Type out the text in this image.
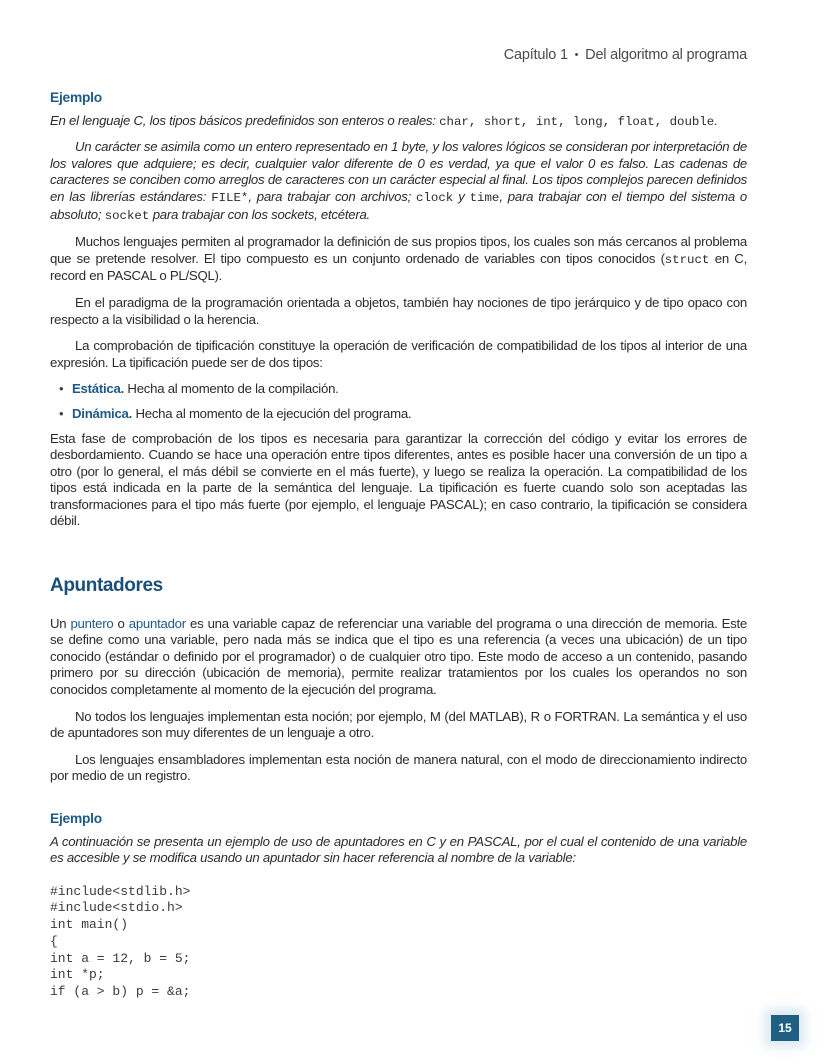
Capítulo 1 • Del algoritmo al programa
Ejemplo

En el lenguaje C, los tipos básicos predefinidos son enteros o reales: char, short, int, long, float, double.

Un carácter se asimila como un entero representado en 1 byte, y los valores lógicos se consideran por interpretación de los valores que adquiere; es decir, cualquier valor diferente de 0 es verdad, ya que el valor 0 es falso. Las cadenas de caracteres se conciben como arreglos de caracteres con un carácter especial al final. Los tipos complejos parecen definidos en las librerías estándares: FILE*, para trabajar con archivos; clock y time, para trabajar con el tiempo del sistema o absoluto; socket para trabajar con los sockets, etcétera.

Muchos lenguajes permiten al programador la definición de sus propios tipos, los cuales son más cercanos al problema que se pretende resolver. El tipo compuesto es un conjunto ordenado de variables con tipos conocidos (struct en C, record en PASCAL o PL/SQL).

En el paradigma de la programación orientada a objetos, también hay nociones de tipo jerárquico y de tipo opaco con respecto a la visibilidad o la herencia.

La comprobación de tipificación constituye la operación de verificación de compatibilidad de los tipos al interior de una expresión. La tipificación puede ser de dos tipos:

• Estática. Hecha al momento de la compilación.
• Dinámica. Hecha al momento de la ejecución del programa.

Esta fase de comprobación de los tipos es necesaria para garantizar la corrección del código y evitar los errores de desbordamiento. Cuando se hace una operación entre tipos diferentes, antes es posible hacer una conversión de un tipo a otro (por lo general, el más débil se convierte en el más fuerte), y luego se realiza la operación. La compatibilidad de los tipos está indicada en la parte de la semántica del lenguaje. La tipificación es fuerte cuando solo son aceptadas las transformaciones para el tipo más fuerte (por ejemplo, el lenguaje PASCAL); en caso contrario, la tipificación se considera débil.

Apuntadores

Un puntero o apuntador es una variable capaz de referenciar una variable del programa o una dirección de memoria. Este se define como una variable, pero nada más se indica que el tipo es una referencia (a veces una ubicación) de un tipo conocido (estándar o definido por el programador) o de cualquier otro tipo. Este modo de acceso a un contenido, pasando primero por su dirección (ubicación de memoria), permite realizar tratamientos por los cuales los operandos no son conocidos completamente al momento de la ejecución del programa.

No todos los lenguajes implementan esta noción; por ejemplo, M (del MATLAB), R o FORTRAN. La semántica y el uso de apuntadores son muy diferentes de un lenguaje a otro.

Los lenguajes ensambladores implementan esta noción de manera natural, con el modo de direccionamiento indirecto por medio de un registro.

Ejemplo

A continuación se presenta un ejemplo de uso de apuntadores en C y en PASCAL, por el cual el contenido de una variable es accesible y se modifica usando un apuntador sin hacer referencia al nombre de la variable:

#include<stdlib.h>
#include<stdio.h>
int main()
{
int a = 12, b = 5;
int *p;
if (a > b) p = &a;
15
